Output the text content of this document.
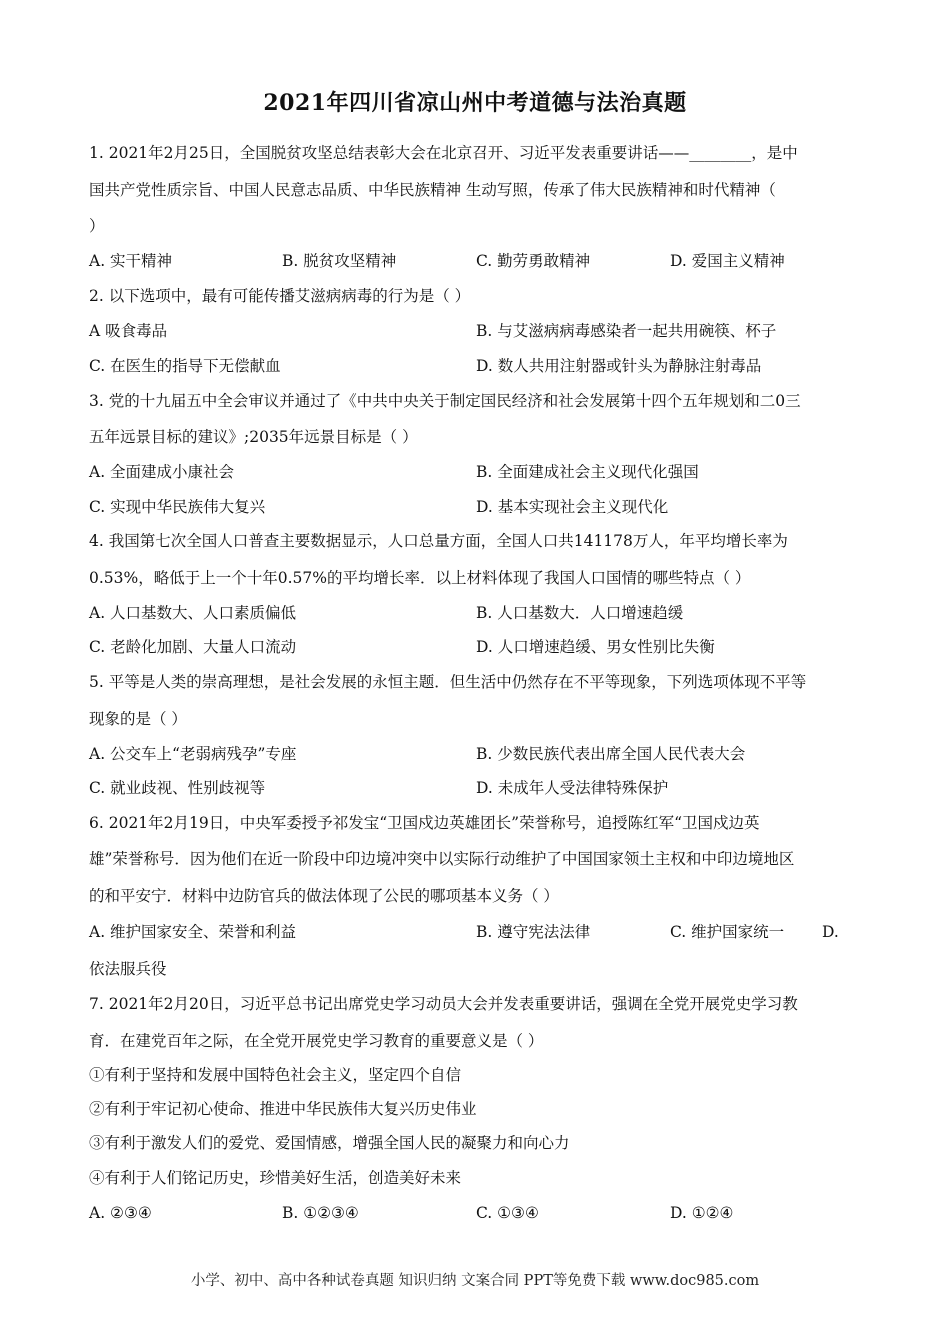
2021年四川省凉山州中考道德与法治真题
1. 2021年2月25日，全国脱贫攻坚总结表彰大会在北京召开、习近平发表重要讲话——________，是中
国共产党性质宗旨、中国人民意志品质、中华民族精神 生动写照，传承了伟大民族精神和时代精神（
）
A. 实干精神	B. 脱贫攻坚精神	C. 勤劳勇敢精神	D. 爱国主义精神
2. 以下选项中，最有可能传播艾滋病病毒的行为是（ ）
A 吸食毒品	B. 与艾滋病病毒感染者一起共用碗筷、杯子
C. 在医生的指导下无偿献血	D. 数人共用注射器或针头为静脉注射毒品
3. 党的十九届五中全会审议并通过了《中共中央关于制定国民经济和社会发展第十四个五年规划和二0三
五年远景目标的建议》;2035年远景目标是（ ）
A. 全面建成小康社会	B. 全面建成社会主义现代化强国
C. 实现中华民族伟大复兴	D. 基本实现社会主义现代化
4. 我国第七次全国人口普查主要数据显示，人口总量方面，全国人口共141178万人，年平均增长率为
0.53%，略低于上一个十年0.57%的平均增长率．以上材料体现了我国人口国情的哪些特点（ ）
A. 人口基数大、人口素质偏低	B. 人口基数大．人口增速趋缓
C. 老龄化加剧、大量人口流动	D. 人口增速趋缓、男女性别比失衡
5. 平等是人类的崇高理想，是社会发展的永恒主题．但生活中仍然存在不平等现象，下列选项体现不平等
现象的是（ ）
A. 公交车上“老弱病残孕”专座	B. 少数民族代表出席全国人民代表大会
C. 就业歧视、性别歧视等	D. 未成年人受法律特殊保护
6. 2021年2月19日，中央军委授予祁发宝“卫国戍边英雄团长”荣誉称号，追授陈红军“卫国戍边英
雄”荣誉称号．因为他们在近一阶段中印边境冲突中以实际行动维护了中国国家领土主权和中印边境地区
的和平安宁．材料中边防官兵的做法体现了公民的哪项基本义务（ ）
A. 维护国家安全、荣誉和利益	B. 遵守宪法法律	C. 维护国家统一 D.
依法服兵役
7. 2021年2月20日，习近平总书记出席党史学习动员大会并发表重要讲话，强调在全党开展党史学习教
育．在建党百年之际，在全党开展党史学习教育的重要意义是（ ）
①有利于坚持和发展中国特色社会主义，坚定四个自信
②有利于牢记初心使命、推进中华民族伟大复兴历史伟业
③有利于激发人们的爱党、爱国情感，增强全国人民的凝聚力和向心力
④有利于人们铭记历史，珍惜美好生活，创造美好未来
A. ②③④	B. ①②③④	C. ①③④	D. ①②④
小学、初中、高中各种试卷真题 知识归纳 文案合同 PPT等免费下载 www.doc985.com
